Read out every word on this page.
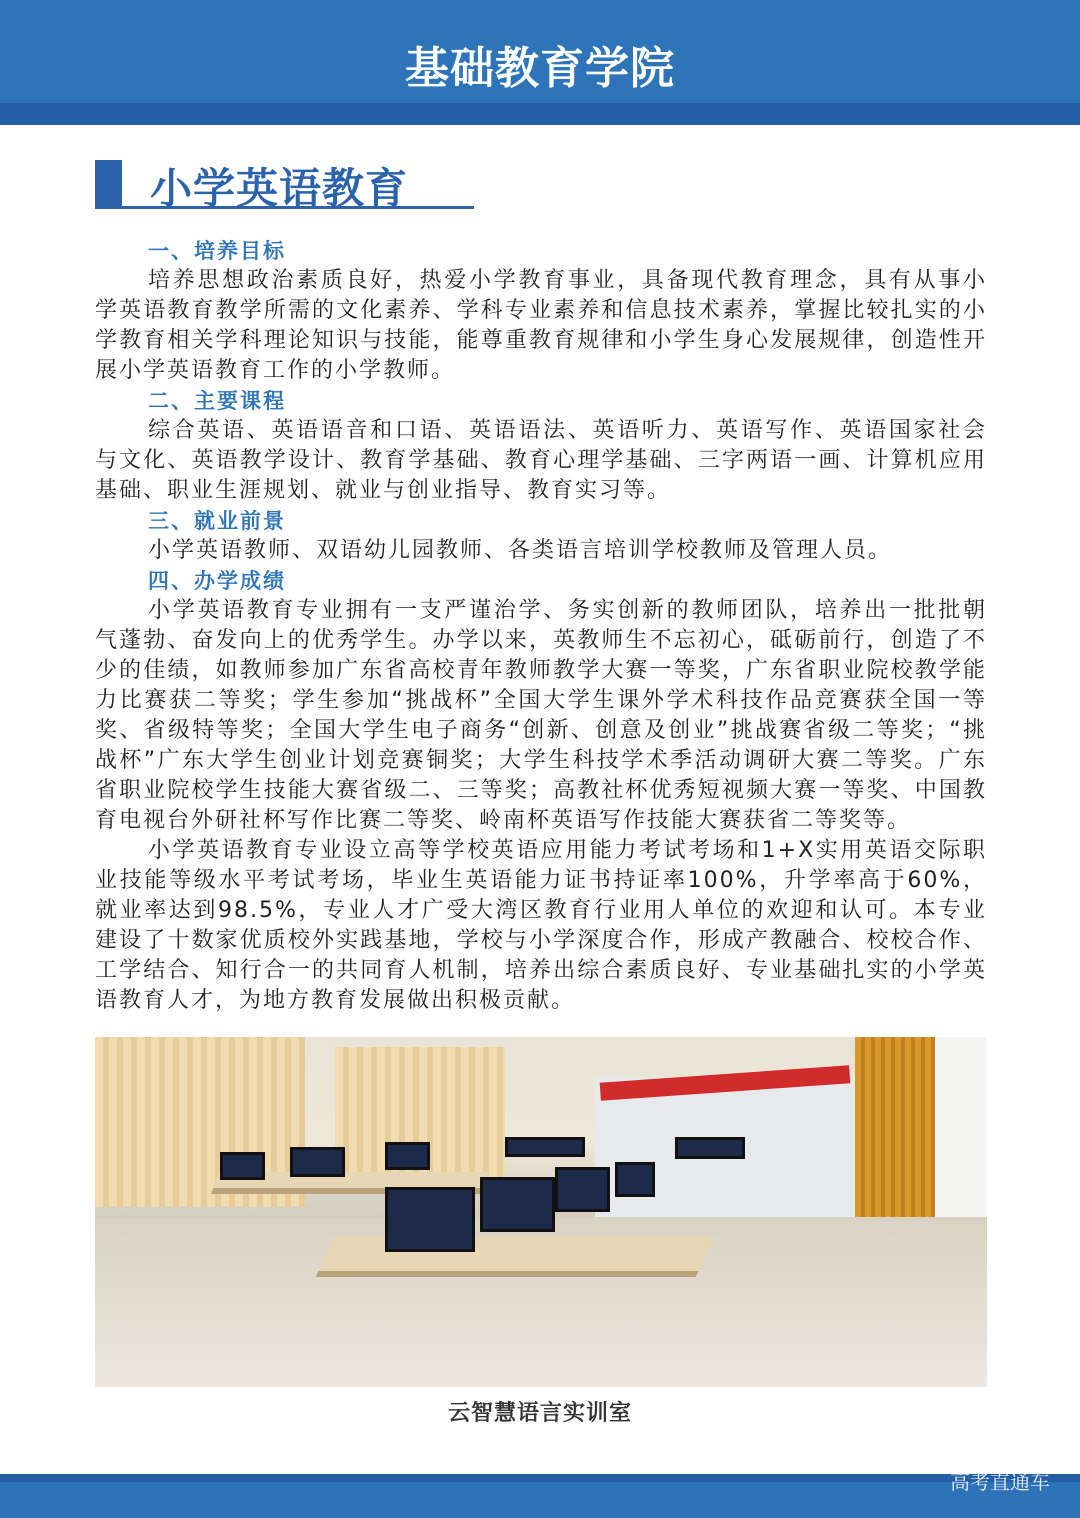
基础教育学院
小学英语教育
一、培养目标

培养思想政治素质良好，热爱小学教育事业，具备现代教育理念，具有从事小学英语教育教学所需的文化素养、学科专业素养和信息技术素养，掌握比较扎实的小学教育相关学科理论知识与技能，能尊重教育规律和小学生身心发展规律，创造性开展小学英语教育工作的小学教师。

二、主要课程

综合英语、英语语音和口语、英语语法、英语听力、英语写作、英语国家社会与文化、英语教学设计、教育学基础、教育心理学基础、三字两语一画、计算机应用基础、职业生涯规划、就业与创业指导、教育实习等。

三、就业前景

小学英语教师、双语幼儿园教师、各类语言培训学校教师及管理人员。

四、办学成绩

小学英语教育专业拥有一支严谨治学、务实创新的教师团队，培养出一批批朝气蓬勃、奋发向上的优秀学生。办学以来，英教师生不忘初心，砥砺前行，创造了不少的佳绩，如教师参加广东省高校青年教师教学大赛一等奖，广东省职业院校教学能力比赛获二等奖；学生参加“挑战杯”全国大学生课外学术科技作品竞赛获全国一等奖、省级特等奖；全国大学生电子商务“创新、创意及创业”挑战赛省级二等奖；“挑战杯”广东大学生创业计划竞赛铜奖；大学生科技学术季活动调研大赛二等奖。广东省职业院校学生技能大赛省级二、三等奖；高教社杯优秀短视频大赛一等奖、中国教育电视台外研社杯写作比赛二等奖、岭南杯英语写作技能大赛获省二等奖等。

小学英语教育专业设立高等学校英语应用能力考试考场和1+X实用英语交际职业技能等级水平考试考场，毕业生英语能力证书持证率100%，升学率高于60%，就业率达到98.5%，专业人才广受大湾区教育行业用人单位的欢迎和认可。本专业建设了十数家优质校外实践基地，学校与小学深度合作，形成产教融合、校校合作、工学结合、知行合一的共同育人机制，培养出综合素质良好、专业基础扎实的小学英语教育人才，为地方教育发展做出积极贡献。

云智慧语言实训室
高考直通车
